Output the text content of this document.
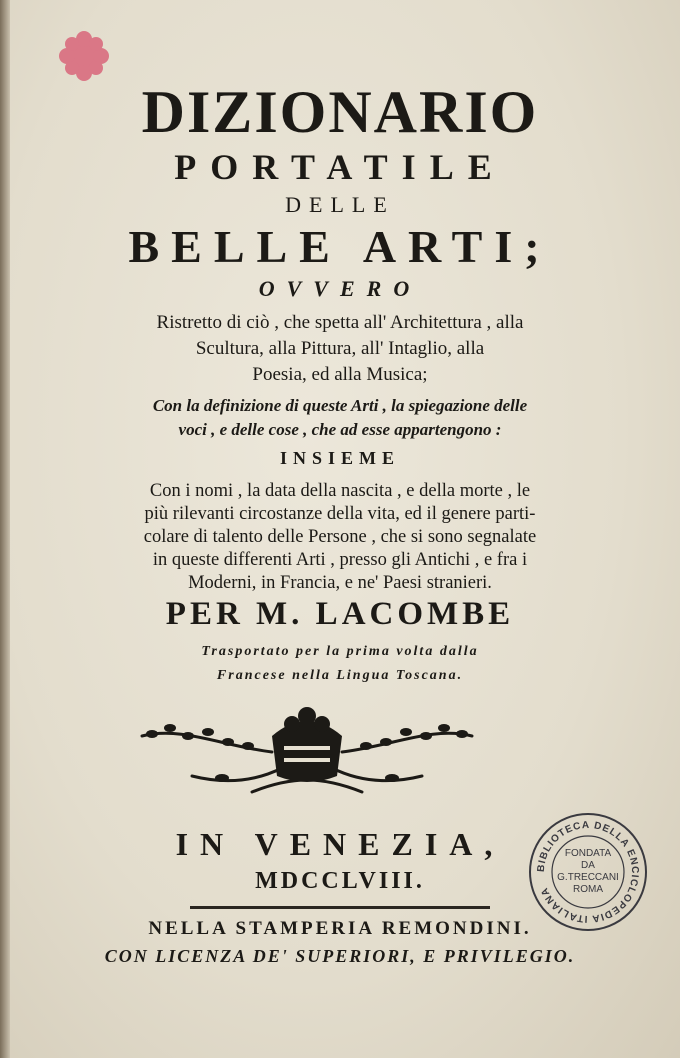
DIZIONARIO
PORTATILE
DELLE
BELLE ARTI;
OVVERO
Ristretto di ciò , che spetta all' Architettura , alla
Scultura, alla Pittura, all' Intaglio, alla
Poesia, ed alla Musica;
Con la definizione di queste Arti , la spiegazione delle
voci , e delle cose , che ad esse appartengono :
INSIEME
Con i nomi , la data della nascita , e della morte , le
più rilevanti circostanze della vita, ed il genere parti-
colare di talento delle Persone , che si sono segnalate
in queste differenti Arti , presso gli Antichi , e fra i
Moderni, in Francia, e ne' Paesi stranieri.
PER M. LACOMBE
Trasportato per la prima volta dalla
Francese nella Lingua Toscana.
IN VENEZIA,
MDCCLVIII.
NELLA STAMPERIA REMONDINI.
CON LICENZA DE' SUPERIORI, E PRIVILEGIO.
BIBLIOTECA DELLA ENCICLOPEDIA ITALIANA
FONDATA
DA
G.TRECCANI
ROMA
